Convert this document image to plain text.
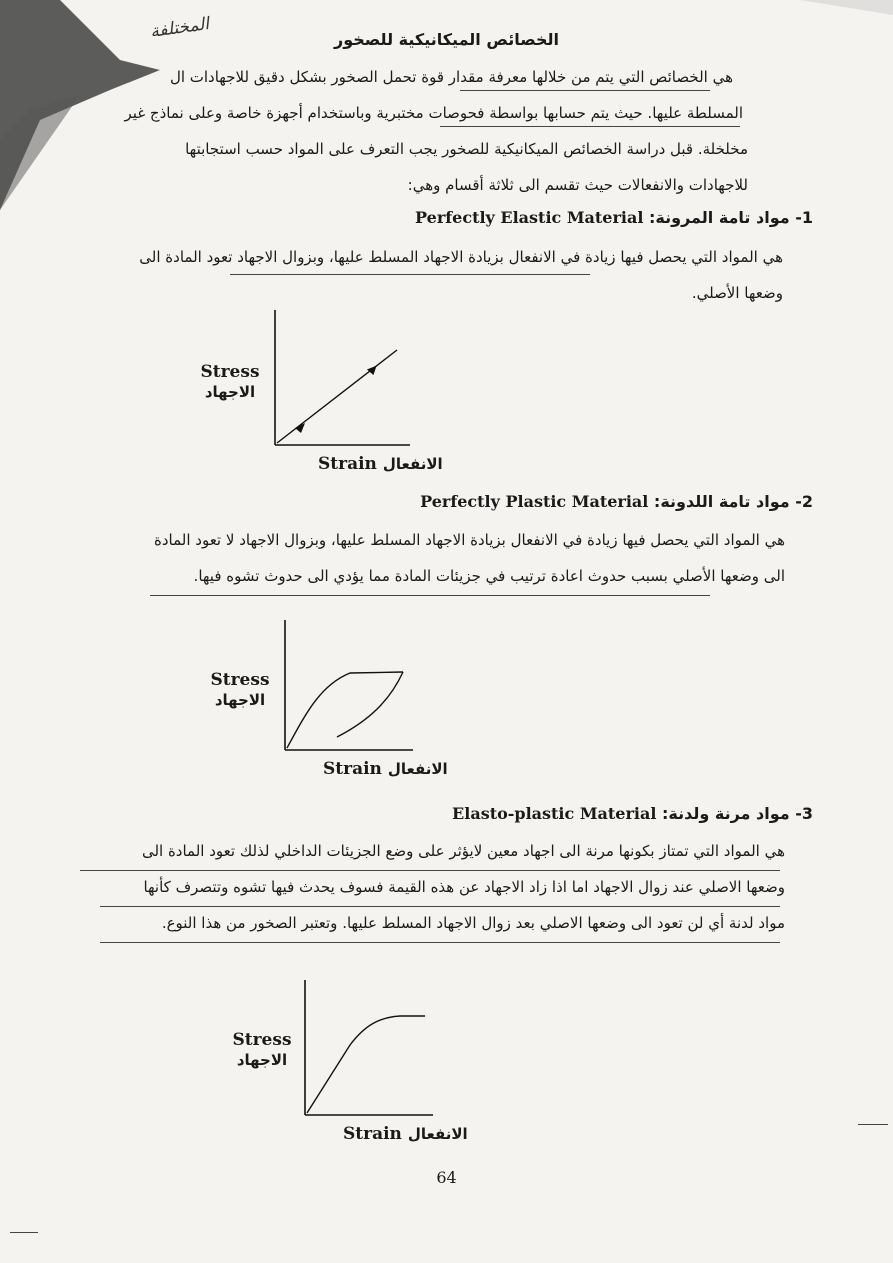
المختلفة	الخصائص الميكانيكية للصخور
هي الخصائص التي يتم من خلالها معرفة مقدار قوة تحمل الصخور بشكل دقيق للاجهادات ال
المسلطة عليها. حيث يتم حسابها بواسطة فحوصات مختبرية وباستخدام أجهزة خاصة وعلى نماذج غير
مخلخلة. قبل دراسة الخصائص الميكانيكية للصخور يجب التعرف على المواد حسب استجابتها
للاجهادات والانفعالات حيث تقسم الى ثلاثة أقسام وهي:
1- مواد تامة المرونة: Perfectly Elastic Material
هي المواد التي يحصل فيها زيادة في الانفعال بزيادة الاجهاد المسلط عليها، وبزوال الاجهاد تعود المادة الى
وضعها الأصلي.
Stress
الاجهاد
Strain الانفعال
2- مواد تامة اللدونة: Perfectly Plastic Material
هي المواد التي يحصل فيها زيادة في الانفعال بزيادة الاجهاد المسلط عليها، وبزوال الاجهاد لا تعود المادة
الى وضعها الأصلي بسبب حدوث اعادة ترتيب في جزيئات المادة مما يؤدي الى حدوث تشوه فيها.
Stress
الاجهاد
Strain الانفعال
3- مواد مرنة ولدنة: Elasto-plastic Material
هي المواد التي تمتاز بكونها مرنة الى اجهاد معين لايؤثر على وضع الجزيئات الداخلي لذلك تعود المادة الى
وضعها الاصلي عند زوال الاجهاد اما اذا زاد الاجهاد عن هذه القيمة فسوف يحدث فيها تشوه وتتصرف كأنها
مواد لدنة أي لن تعود الى وضعها الاصلي بعد زوال الاجهاد المسلط عليها. وتعتبر الصخور من هذا النوع.
Stress
الاجهاد
Strain الانفعال
64
